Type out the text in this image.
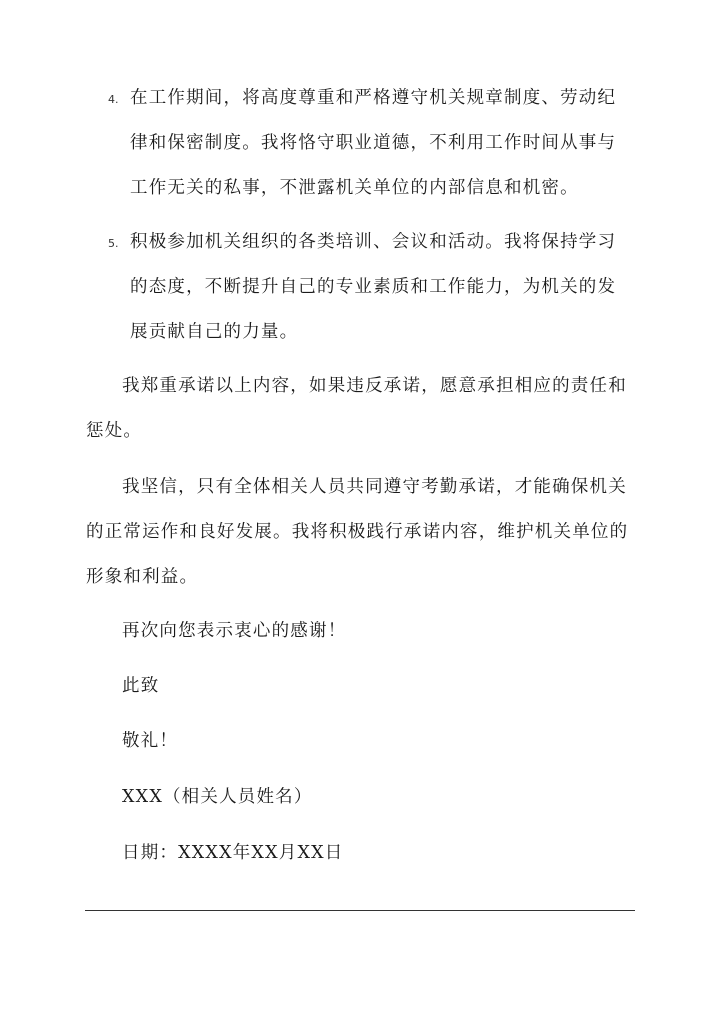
4. 在工作期间，将高度尊重和严格遵守机关规章制度、劳动纪
律和保密制度。我将恪守职业道德，不利用工作时间从事与
工作无关的私事，不泄露机关单位的内部信息和机密。
5. 积极参加机关组织的各类培训、会议和活动。我将保持学习
的态度，不断提升自己的专业素质和工作能力，为机关的发
展贡献自己的力量。
我郑重承诺以上内容，如果违反承诺，愿意承担相应的责任和
惩处。
我坚信，只有全体相关人员共同遵守考勤承诺，才能确保机关
的正常运作和良好发展。我将积极践行承诺内容，维护机关单位的
形象和利益。
再次向您表示衷心的感谢！
此致
敬礼！
XXX（相关人员姓名）
日期：XXXX年XX月XX日
